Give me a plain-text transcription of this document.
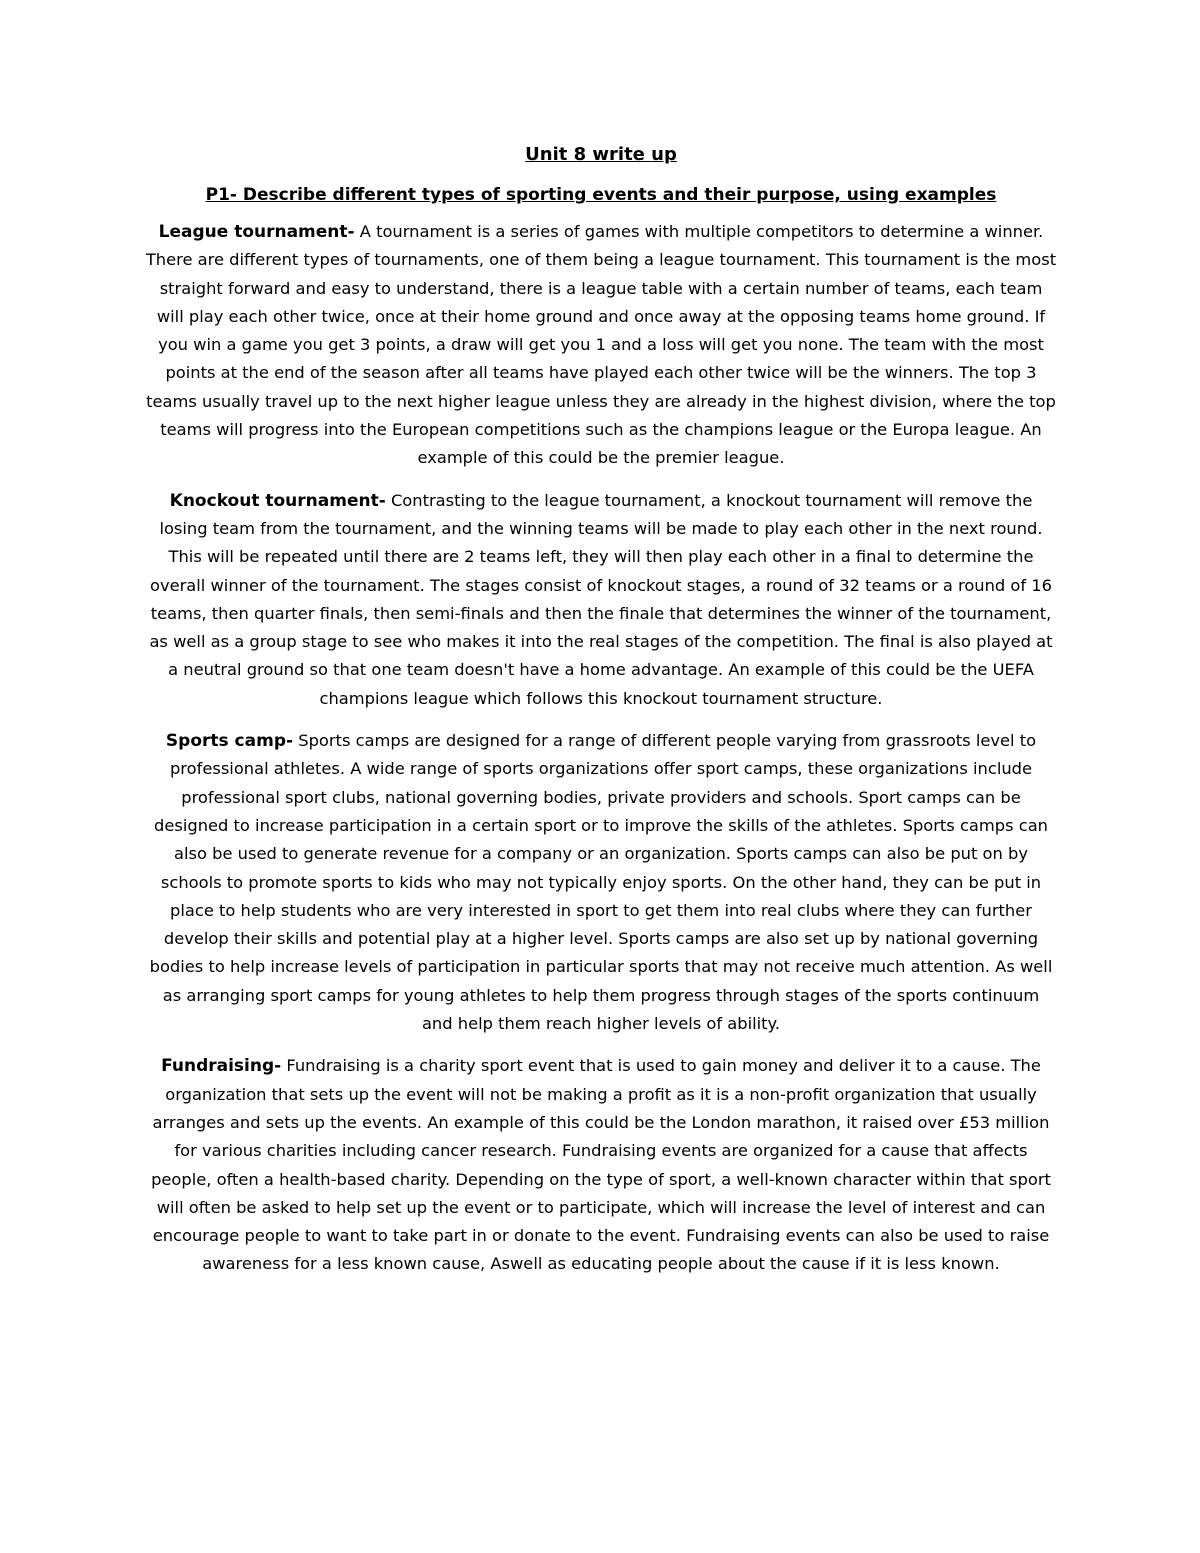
Unit 8 write up
P1- Describe different types of sporting events and their purpose, using examples

League tournament- A tournament is a series of games with multiple competitors to determine a winner. There are different types of tournaments, one of them being a league tournament. This tournament is the most straight forward and easy to understand, there is a league table with a certain number of teams, each team will play each other twice, once at their home ground and once away at the opposing teams home ground. If you win a game you get 3 points, a draw will get you 1 and a loss will get you none. The team with the most points at the end of the season after all teams have played each other twice will be the winners. The top 3 teams usually travel up to the next higher league unless they are already in the highest division, where the top teams will progress into the European competitions such as the champions league or the Europa league. An example of this could be the premier league.

Knockout tournament- Contrasting to the league tournament, a knockout tournament will remove the losing team from the tournament, and the winning teams will be made to play each other in the next round. This will be repeated until there are 2 teams left, they will then play each other in a final to determine the overall winner of the tournament. The stages consist of knockout stages, a round of 32 teams or a round of 16 teams, then quarter finals, then semi-finals and then the finale that determines the winner of the tournament, as well as a group stage to see who makes it into the real stages of the competition. The final is also played at a neutral ground so that one team doesn't have a home advantage. An example of this could be the UEFA champions league which follows this knockout tournament structure.

Sports camp- Sports camps are designed for a range of different people varying from grassroots level to professional athletes. A wide range of sports organizations offer sport camps, these organizations include professional sport clubs, national governing bodies, private providers and schools. Sport camps can be designed to increase participation in a certain sport or to improve the skills of the athletes. Sports camps can also be used to generate revenue for a company or an organization. Sports camps can also be put on by schools to promote sports to kids who may not typically enjoy sports. On the other hand, they can be put in place to help students who are very interested in sport to get them into real clubs where they can further develop their skills and potential play at a higher level. Sports camps are also set up by national governing bodies to help increase levels of participation in particular sports that may not receive much attention. As well as arranging sport camps for young athletes to help them progress through stages of the sports continuum and help them reach higher levels of ability.

Fundraising- Fundraising is a charity sport event that is used to gain money and deliver it to a cause. The organization that sets up the event will not be making a profit as it is a non-profit organization that usually arranges and sets up the events. An example of this could be the London marathon, it raised over £53 million for various charities including cancer research. Fundraising events are organized for a cause that affects people, often a health-based charity. Depending on the type of sport, a well-known character within that sport will often be asked to help set up the event or to participate, which will increase the level of interest and can encourage people to want to take part in or donate to the event. Fundraising events can also be used to raise awareness for a less known cause, Aswell as educating people about the cause if it is less known.
